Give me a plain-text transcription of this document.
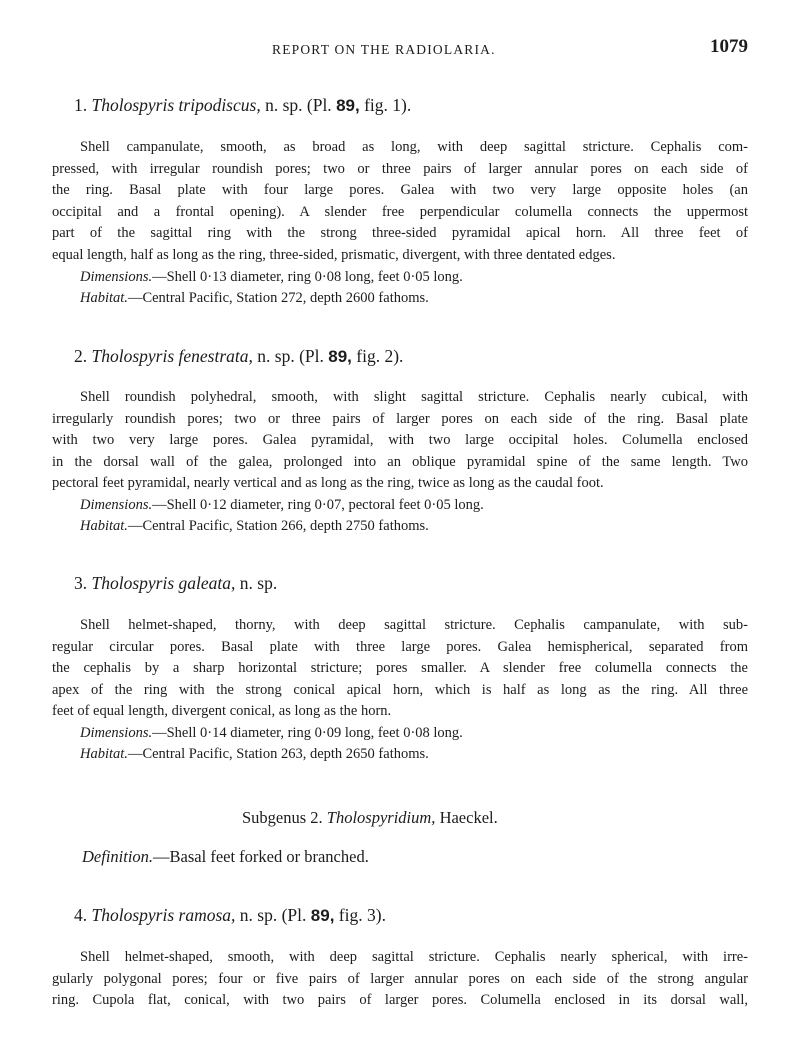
REPORT ON THE RADIOLARIA.	1079
1. Tholospyris tripodiscus, n. sp. (Pl. 89, fig. 1).
Shell campanulate, smooth, as broad as long, with deep sagittal stricture. Cephalis com-
pressed, with irregular roundish pores; two or three pairs of larger annular pores on each side of
the ring. Basal plate with four large pores. Galea with two very large opposite holes (an
occipital and a frontal opening). A slender free perpendicular columella connects the uppermost
part of the sagittal ring with the strong three-sided pyramidal apical horn. All three feet of
equal length, half as long as the ring, three-sided, prismatic, divergent, with three dentated edges.
Dimensions.—Shell 0·13 diameter, ring 0·08 long, feet 0·05 long.
Habitat.—Central Pacific, Station 272, depth 2600 fathoms.
2. Tholospyris fenestrata, n. sp. (Pl. 89, fig. 2).
Shell roundish polyhedral, smooth, with slight sagittal stricture. Cephalis nearly cubical, with
irregularly roundish pores; two or three pairs of larger pores on each side of the ring. Basal plate
with two very large pores. Galea pyramidal, with two large occipital holes. Columella enclosed
in the dorsal wall of the galea, prolonged into an oblique pyramidal spine of the same length. Two
pectoral feet pyramidal, nearly vertical and as long as the ring, twice as long as the caudal foot.
Dimensions.—Shell 0·12 diameter, ring 0·07, pectoral feet 0·05 long.
Habitat.—Central Pacific, Station 266, depth 2750 fathoms.
3. Tholospyris galeata, n. sp.
Shell helmet-shaped, thorny, with deep sagittal stricture. Cephalis campanulate, with sub-
regular circular pores. Basal plate with three large pores. Galea hemispherical, separated from
the cephalis by a sharp horizontal stricture; pores smaller. A slender free columella connects the
apex of the ring with the strong conical apical horn, which is half as long as the ring. All three
feet of equal length, divergent conical, as long as the horn.
Dimensions.—Shell 0·14 diameter, ring 0·09 long, feet 0·08 long.
Habitat.—Central Pacific, Station 263, depth 2650 fathoms.
Subgenus 2. Tholospyridium, Haeckel.
Definition.—Basal feet forked or branched.
4. Tholospyris ramosa, n. sp. (Pl. 89, fig. 3).
Shell helmet-shaped, smooth, with deep sagittal stricture. Cephalis nearly spherical, with irre-
gularly polygonal pores; four or five pairs of larger annular pores on each side of the strong angular
ring. Cupola flat, conical, with two pairs of larger pores. Columella enclosed in its dorsal wall,
